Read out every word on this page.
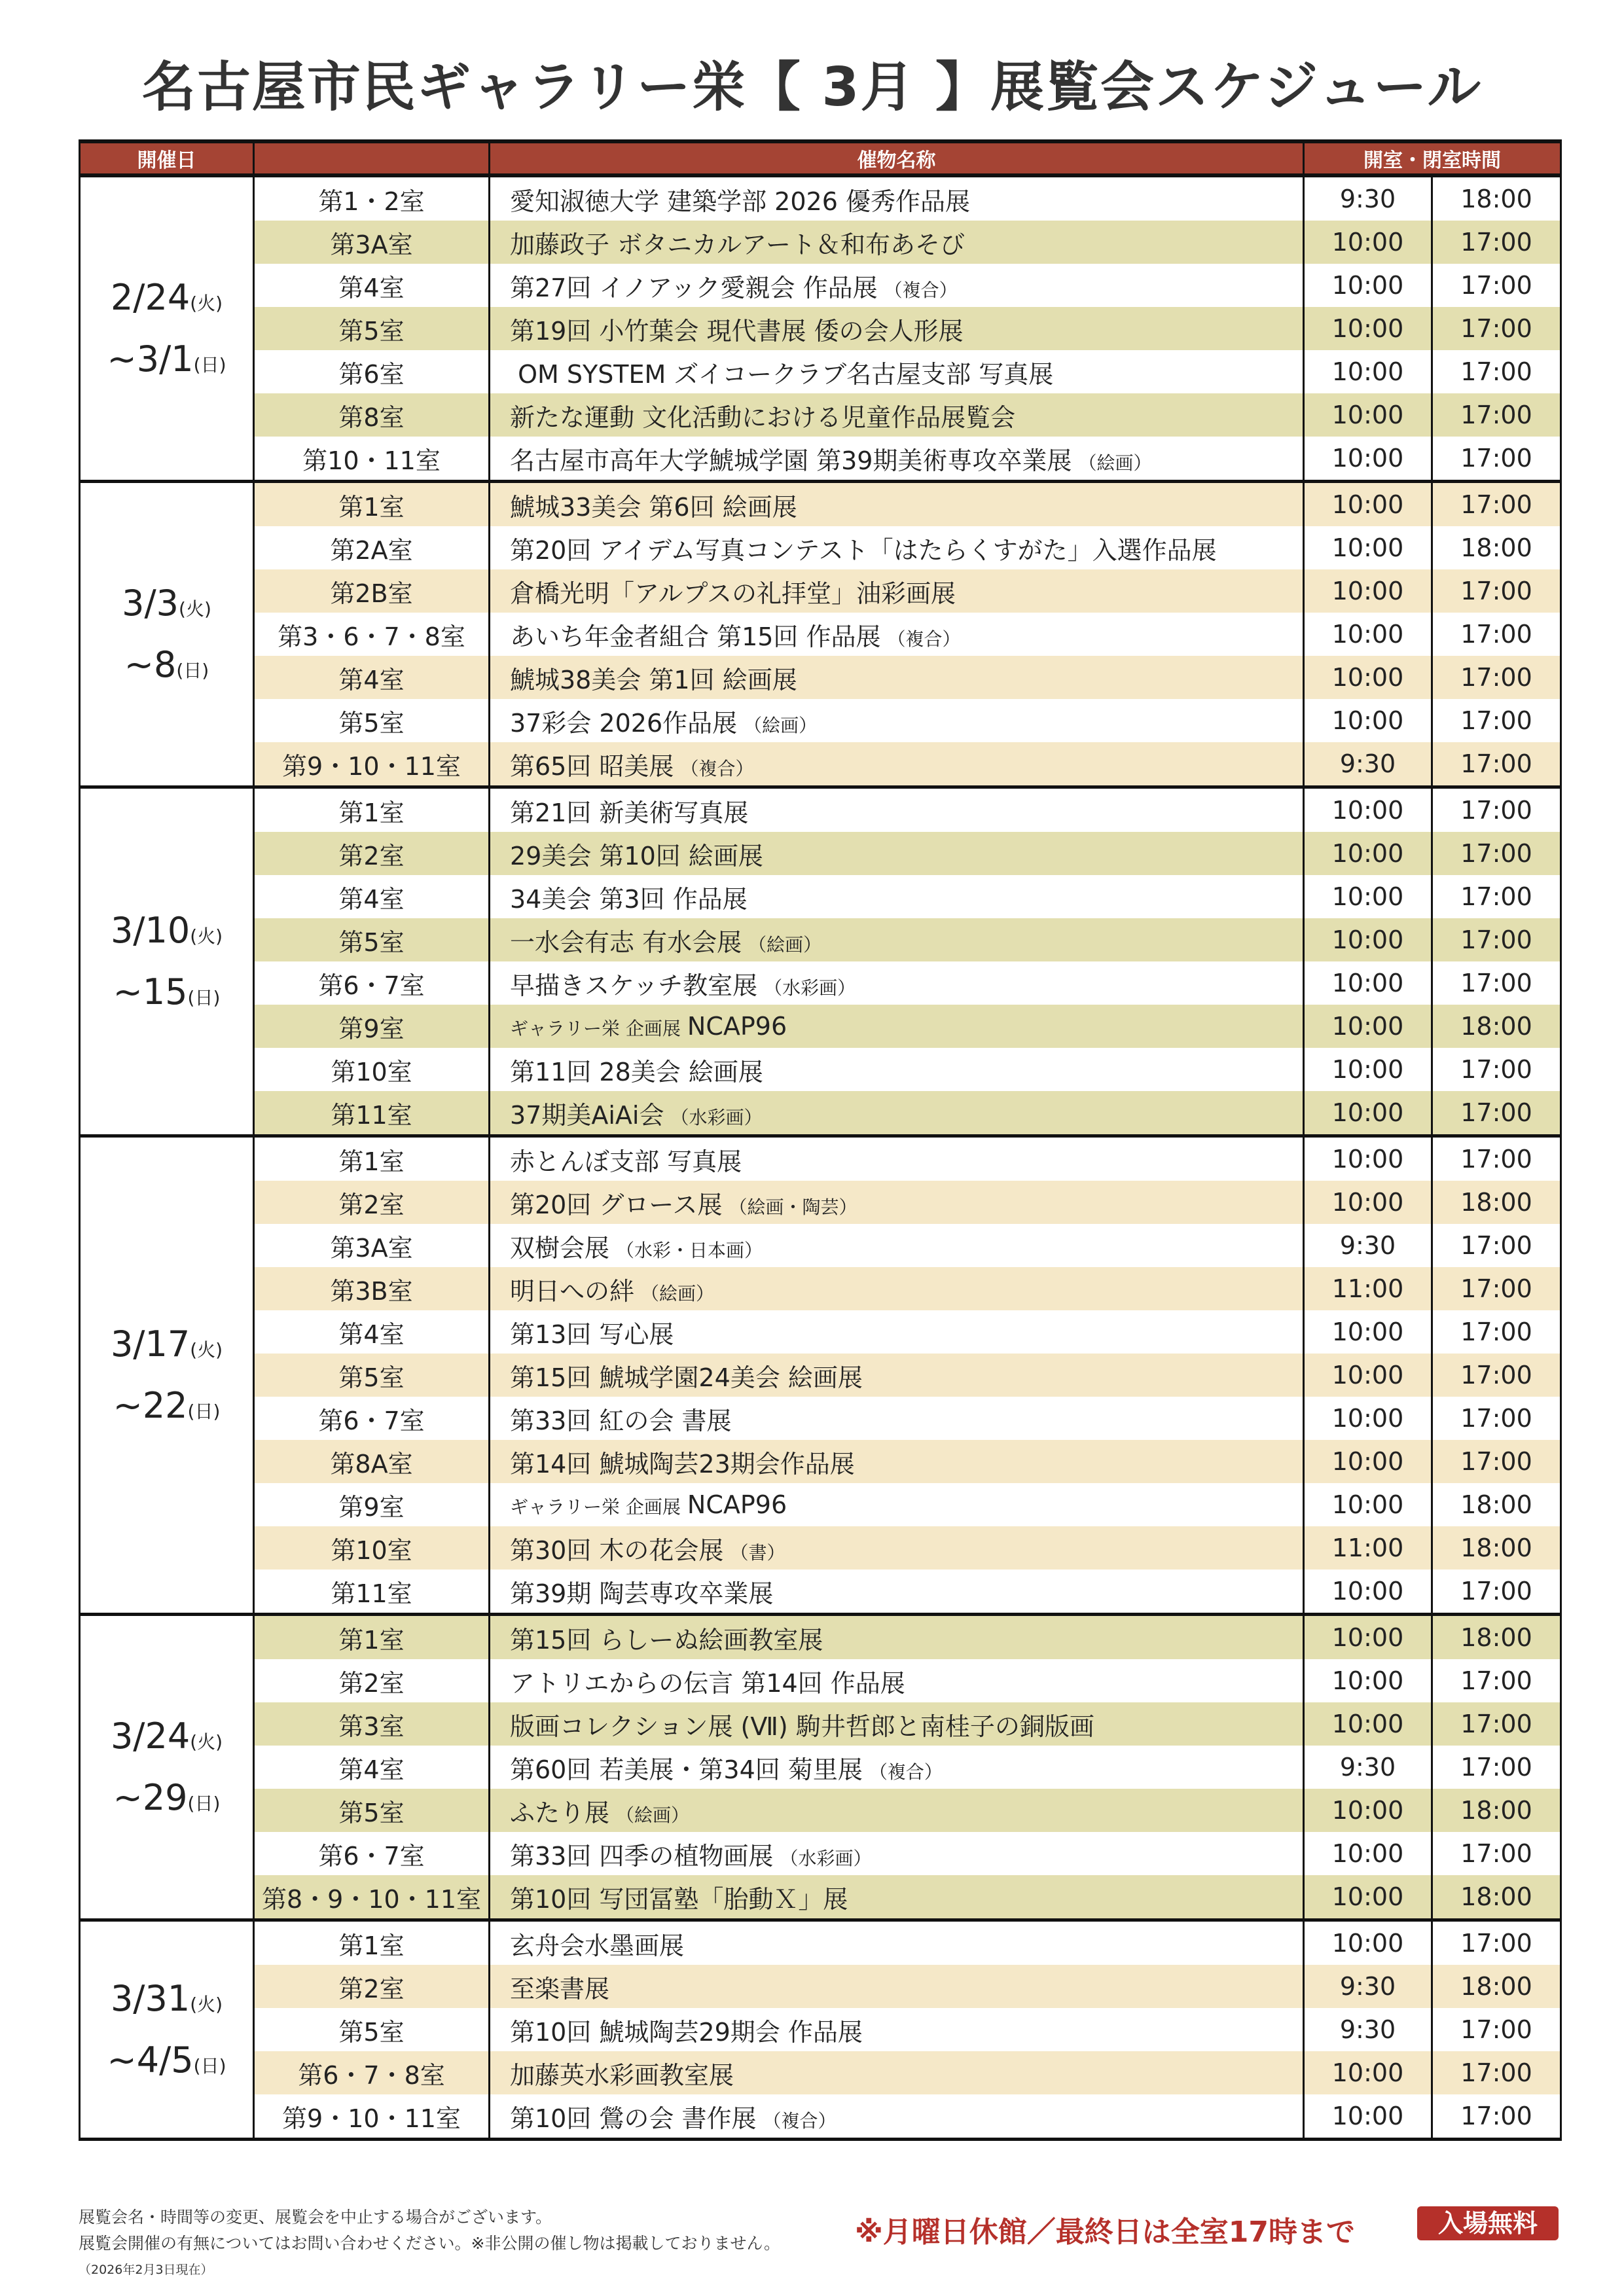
名古屋市民ギャラリー栄【 3月 】展覧会スケジュール
開催日		催物名称	開室・閉室時間	

2/24(火)
~3/1(日)	第1・2室	愛知淑徳大学 建築学部 2026 優秀作品展	9:30	18:00
	第3A室	加藤政子 ボタニカルアート＆和布あそび	10:00	17:00
	第4室	第27回 イノアック愛親会 作品展 （複合）	10:00	17:00
	第5室	第19回 小竹葉会 現代書展 倭の会人形展	10:00	17:00
	第6室	OM SYSTEM ズイコークラブ名古屋支部 写真展	10:00	17:00
	第8室	新たな運動 文化活動における児童作品展覧会	10:00	17:00
	第10・11室	名古屋市高年大学鯱城学園 第39期美術専攻卒業展 （絵画）	10:00	17:00

3/3(火)
~8(日)	第1室	鯱城33美会 第6回 絵画展	10:00	17:00
	第2A室	第20回 アイデム写真コンテスト「はたらくすがた」入選作品展	10:00	18:00
	第2B室	倉橋光明「アルプスの礼拝堂」油彩画展	10:00	17:00
	第3・6・7・8室	あいち年金者組合 第15回 作品展 （複合）	10:00	17:00
	第4室	鯱城38美会 第1回 絵画展	10:00	17:00
	第5室	37彩会 2026作品展 （絵画）	10:00	17:00
	第9・10・11室	第65回 昭美展 （複合）	9:30	17:00

3/10(火)
~15(日)	第1室	第21回 新美術写真展	10:00	17:00
	第2室	29美会 第10回 絵画展	10:00	17:00
	第4室	34美会 第3回 作品展	10:00	17:00
	第5室	一水会有志 有水会展 （絵画）	10:00	17:00
	第6・7室	早描きスケッチ教室展 （水彩画）	10:00	17:00
	第9室	ギャラリー栄 企画展 NCAP96	10:00	18:00
	第10室	第11回 28美会 絵画展	10:00	17:00
	第11室	37期美AiAi会 （水彩画）	10:00	17:00

3/17(火)
~22(日)	第1室	赤とんぼ支部 写真展	10:00	17:00
	第2室	第20回 グロース展 （絵画・陶芸）	10:00	18:00
	第3A室	双樹会展 （水彩・日本画）	9:30	17:00
	第3B室	明日への絆 （絵画）	11:00	17:00
	第4室	第13回 写心展	10:00	17:00
	第5室	第15回 鯱城学園24美会 絵画展	10:00	17:00
	第6・7室	第33回 紅の会 書展	10:00	17:00
	第8A室	第14回 鯱城陶芸23期会作品展	10:00	17:00
	第9室	ギャラリー栄 企画展 NCAP96	10:00	18:00
	第10室	第30回 木の花会展 （書）	11:00	18:00
	第11室	第39期 陶芸専攻卒業展	10:00	17:00

3/24(火)
~29(日)	第1室	第15回 らしーぬ絵画教室展	10:00	18:00
	第2室	アトリエからの伝言 第14回 作品展	10:00	17:00
	第3室	版画コレクション展 (Ⅶ) 駒井哲郎と南桂子の銅版画	10:00	17:00
	第4室	第60回 若美展・第34回 菊里展 （複合）	9:30	17:00
	第5室	ふたり展 （絵画）	10:00	18:00
	第6・7室	第33回 四季の植物画展 （水彩画）	10:00	17:00
	第8・9・10・11室	第10回 写団冨塾「胎動Ｘ」展	10:00	18:00

3/31(火)
~4/5(日)	第1室	玄舟会水墨画展	10:00	17:00
	第2室	至楽書展	9:30	18:00
	第5室	第10回 鯱城陶芸29期会 作品展	9:30	17:00
	第6・7・8室	加藤英水彩画教室展	10:00	17:00
	第9・10・11室	第10回 鶯の会 書作展 （複合）	10:00	17:00
展覧会名・時間等の変更、展覧会を中止する場合がございます。
展覧会開催の有無についてはお問い合わせください。※非公開の催し物は掲載しておりません。
（2026年2月3日現在）
※月曜日休館／最終日は全室17時まで	入場無料
